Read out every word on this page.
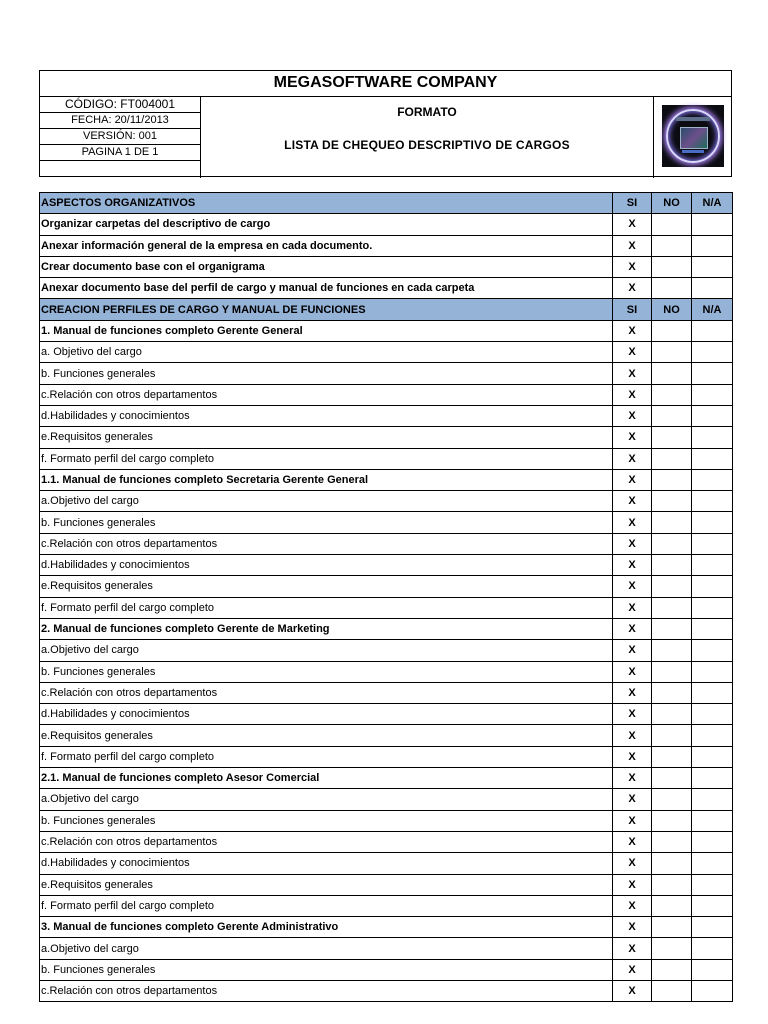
MEGASOFTWARE COMPANY
CÓDIGO: FT004001
FECHA: 20/11/2013
VERSIÓN: 001
PAGINA 1 DE 1
FORMATO
LISTA DE CHEQUEO DESCRIPTIVO DE CARGOS
ASPECTOS ORGANIZATIVOS	SI	NO	N/A
Organizar carpetas del descriptivo de cargo	X		
Anexar información general de la empresa en cada documento.	X		
Crear documento base con el organigrama	X		
Anexar documento base del perfil de cargo y manual de funciones en cada carpeta	X		
CREACION PERFILES DE CARGO Y MANUAL DE FUNCIONES	SI	NO	N/A
1. Manual de funciones completo Gerente General	X		
a. Objetivo del cargo	X		
b. Funciones generales	X		
c.Relación con otros departamentos	X		
d.Habilidades y conocimientos	X		
e.Requisitos generales	X		
f. Formato perfil del cargo completo	X		
1.1. Manual de funciones completo Secretaria Gerente General	X		
a.Objetivo del cargo	X		
b. Funciones generales	X		
c.Relación con otros departamentos	X		
d.Habilidades y conocimientos	X		
e.Requisitos generales	X		
f. Formato perfil del cargo completo	X		
2. Manual de funciones completo Gerente de Marketing	X		
a.Objetivo del cargo	X		
b. Funciones generales	X		
c.Relación con otros departamentos	X		
d.Habilidades y conocimientos	X		
e.Requisitos generales	X		
f. Formato perfil del cargo completo	X		
2.1. Manual de funciones completo Asesor Comercial	X		
a.Objetivo del cargo	X		
b. Funciones generales	X		
c.Relación con otros departamentos	X		
d.Habilidades y conocimientos	X		
e.Requisitos generales	X		
f. Formato perfil del cargo completo	X		
3. Manual de funciones completo Gerente Administrativo	X		
a.Objetivo del cargo	X		
b. Funciones generales	X		
c.Relación con otros departamentos	X		
